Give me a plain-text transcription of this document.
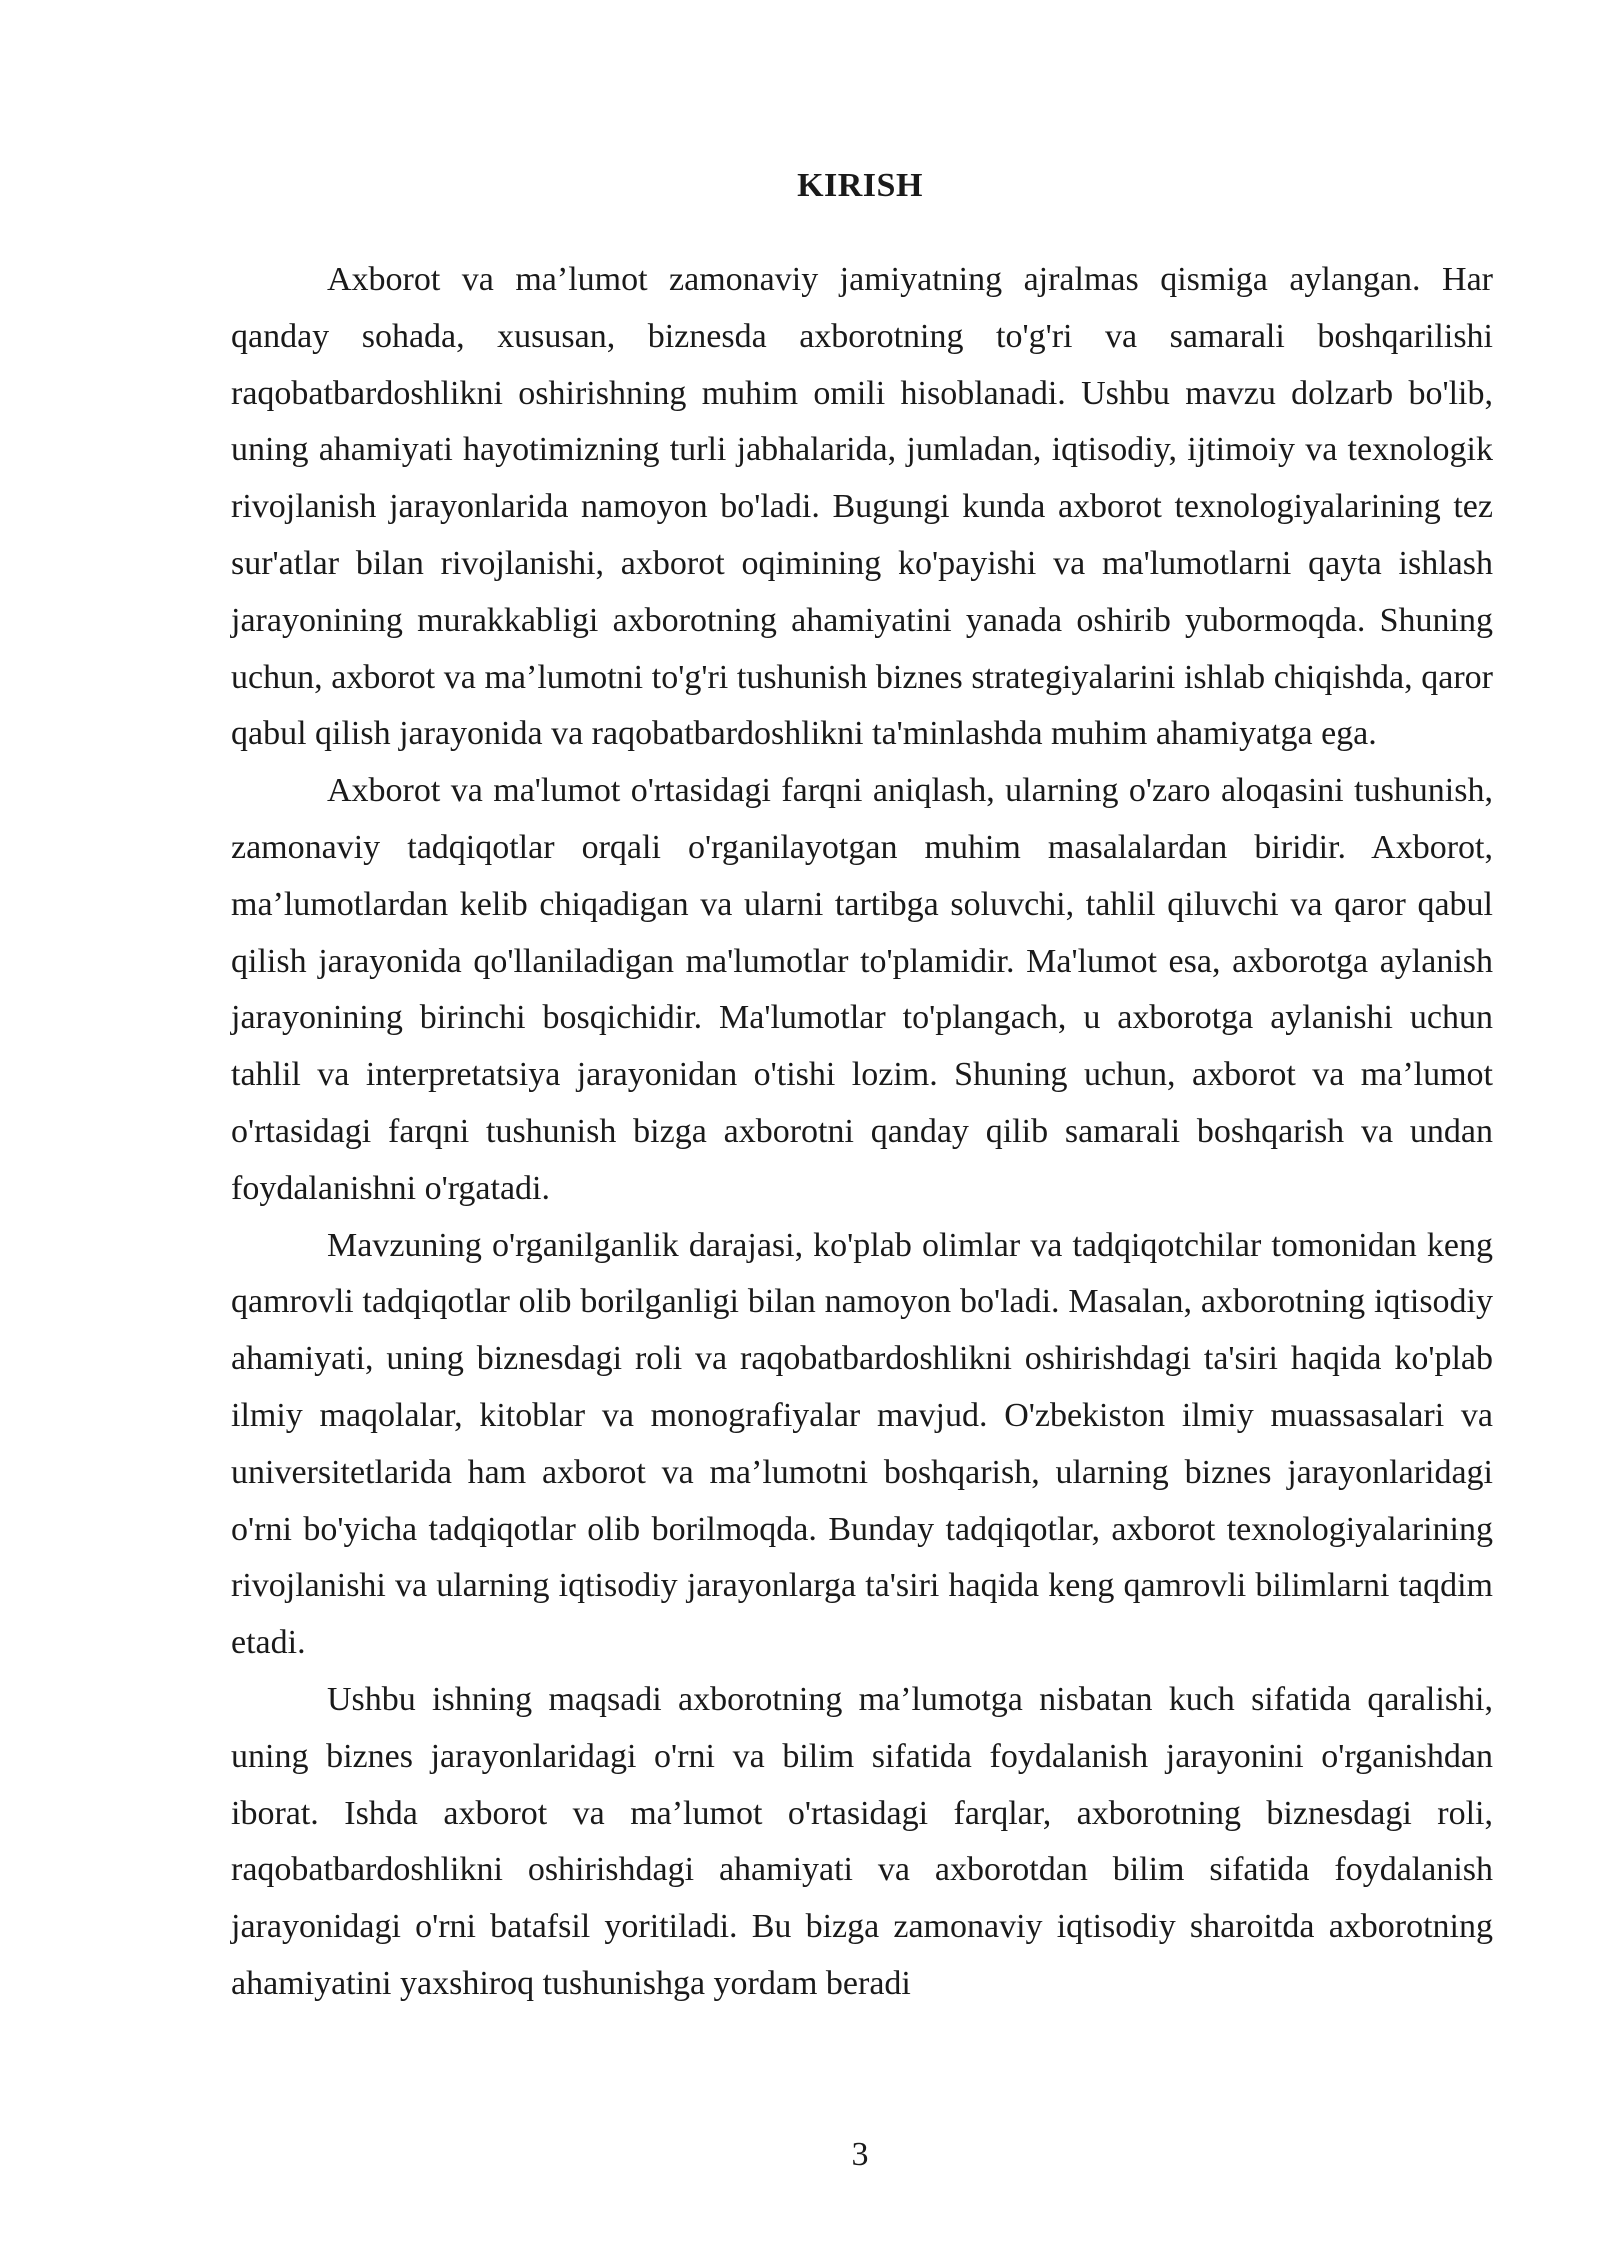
KIRISH

Axborot va ma’lumot zamonaviy jamiyatning ajralmas qismiga aylangan. Har qanday sohada, xususan, biznesda axborotning to'g'ri va samarali boshqarilishi raqobatbardoshlikni oshirishning muhim omili hisoblanadi. Ushbu mavzu dolzarb bo'lib, uning ahamiyati hayotimizning turli jabhalarida, jumladan, iqtisodiy, ijtimoiy va texnologik rivojlanish jarayonlarida namoyon bo'ladi. Bugungi kunda axborot texnologiyalarining tez sur'atlar bilan rivojlanishi, axborot oqimining ko'payishi va ma'lumotlarni qayta ishlash jarayonining murakkabligi axborotning ahamiyatini yanada oshirib yubormoqda. Shuning uchun, axborot va ma’lumotni to'g'ri tushunish biznes strategiyalarini ishlab chiqishda, qaror qabul qilish jarayonida va raqobatbardoshlikni ta'minlashda muhim ahamiyatga ega.

Axborot va ma'lumot o'rtasidagi farqni aniqlash, ularning o'zaro aloqasini tushunish, zamonaviy tadqiqotlar orqali o'rganilayotgan muhim masalalardan biridir. Axborot, ma’lumotlardan kelib chiqadigan va ularni tartibga soluvchi, tahlil qiluvchi va qaror qabul qilish jarayonida qo'llaniladigan ma'lumotlar to'plamidir. Ma'lumot esa, axborotga aylanish jarayonining birinchi bosqichidir. Ma'lumotlar to'plangach, u axborotga aylanishi uchun tahlil va interpretatsiya jarayonidan o'tishi lozim. Shuning uchun, axborot va ma’lumot o'rtasidagi farqni tushunish bizga axborotni qanday qilib samarali boshqarish va undan foydalanishni o'rgatadi.

Mavzuning o'rganilganlik darajasi, ko'plab olimlar va tadqiqotchilar tomonidan keng qamrovli tadqiqotlar olib borilganligi bilan namoyon bo'ladi. Masalan, axborotning iqtisodiy ahamiyati, uning biznesdagi roli va raqobatbardoshlikni oshirishdagi ta'siri haqida ko'plab ilmiy maqolalar, kitoblar va monografiyalar mavjud. O'zbekiston ilmiy muassasalari va universitetlarida ham axborot va ma’lumotni boshqarish, ularning biznes jarayonlaridagi o'rni bo'yicha tadqiqotlar olib borilmoqda. Bunday tadqiqotlar, axborot texnologiyalarining rivojlanishi va ularning iqtisodiy jarayonlarga ta'siri haqida keng qamrovli bilimlarni taqdim etadi.

Ushbu ishning maqsadi axborotning ma’lumotga nisbatan kuch sifatida qaralishi, uning biznes jarayonlaridagi o'rni va bilim sifatida foydalanish jarayonini o'rganishdan iborat. Ishda axborot va ma’lumot o'rtasidagi farqlar, axborotning biznesdagi roli, raqobatbardoshlikni oshirishdagi ahamiyati va axborotdan bilim sifatida foydalanish jarayonidagi o'rni batafsil yoritiladi. Bu bizga zamonaviy iqtisodiy sharoitda axborotning ahamiyatini yaxshiroq tushunishga yordam beradi

3
